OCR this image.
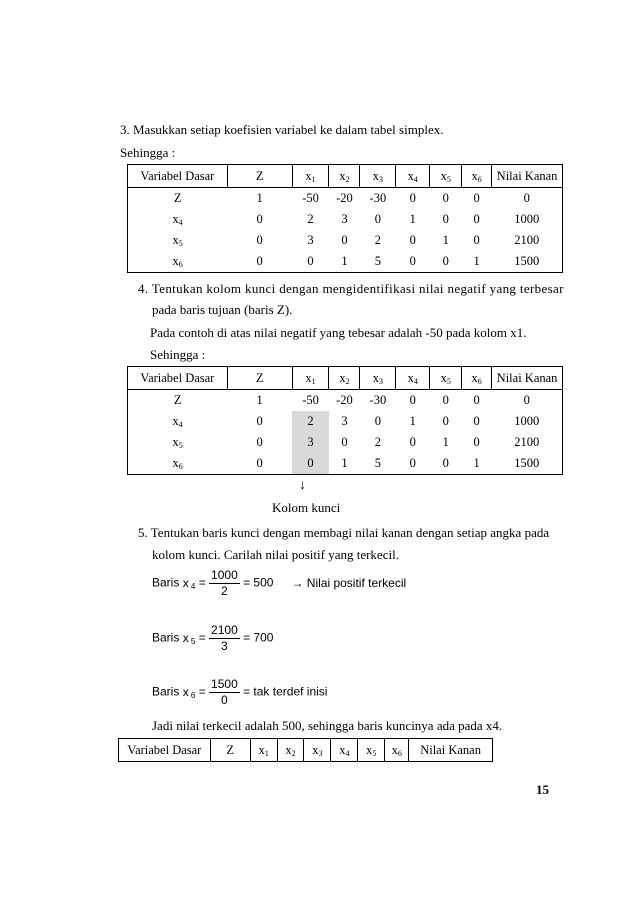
3. Masukkan setiap koefisien variabel ke dalam tabel simplex.
Sehingga :
Variabel Dasar	Z	$x_1$	$x_2$	$x_3$	$x_4$	$x_5$	$x_6$	Nilai Kanan
Z	1	-50	-20	-30	0	0	0	0
$x_4$	0	2	3	0	1	0	0	1000
$x_5$	0	3	0	2	0	1	0	2100
$x_6$	0	0	1	5	0	0	1	1500
4. Tentukan kolom kunci dengan mengidentifikasi nilai negatif yang terbesar
pada baris tujuan (baris Z).
Pada contoh di atas nilai negatif yang tebesar adalah -50 pada kolom x1.
Sehingga :
Variabel Dasar	Z	$x_1$	$x_2$	$x_3$	$x_4$	$x_5$	$x_6$	Nilai Kanan
Z	1	-50	-20	-30	0	0	0	0
$x_4$	0	2	3	0	1	0	0	1000
$x_5$	0	3	0	2	0	1	0	2100
$x_6$	0	0	1	5	0	0	1	1500
↓
Kolom kunci
5. Tentukan baris kunci dengan membagi nilai kanan dengan setiap angka pada
kolom kunci. Carilah nilai positif yang terkecil.
Baris x $_4 = \frac{1000}{2} = 500$ → Nilai positif terkecil
Baris x $_5 = \frac{2100}{3} = 700$
Baris x $_6 = \frac{1500}{0}$ = tak terdef inisi
Jadi nilai terkecil adalah 500, sehingga baris kuncinya ada pada x4.
Variabel Dasar	Z	$x_1$	$x_2$	$x_3$	$x_4$	$x_5$	$x_6$	Nilai Kanan
15
